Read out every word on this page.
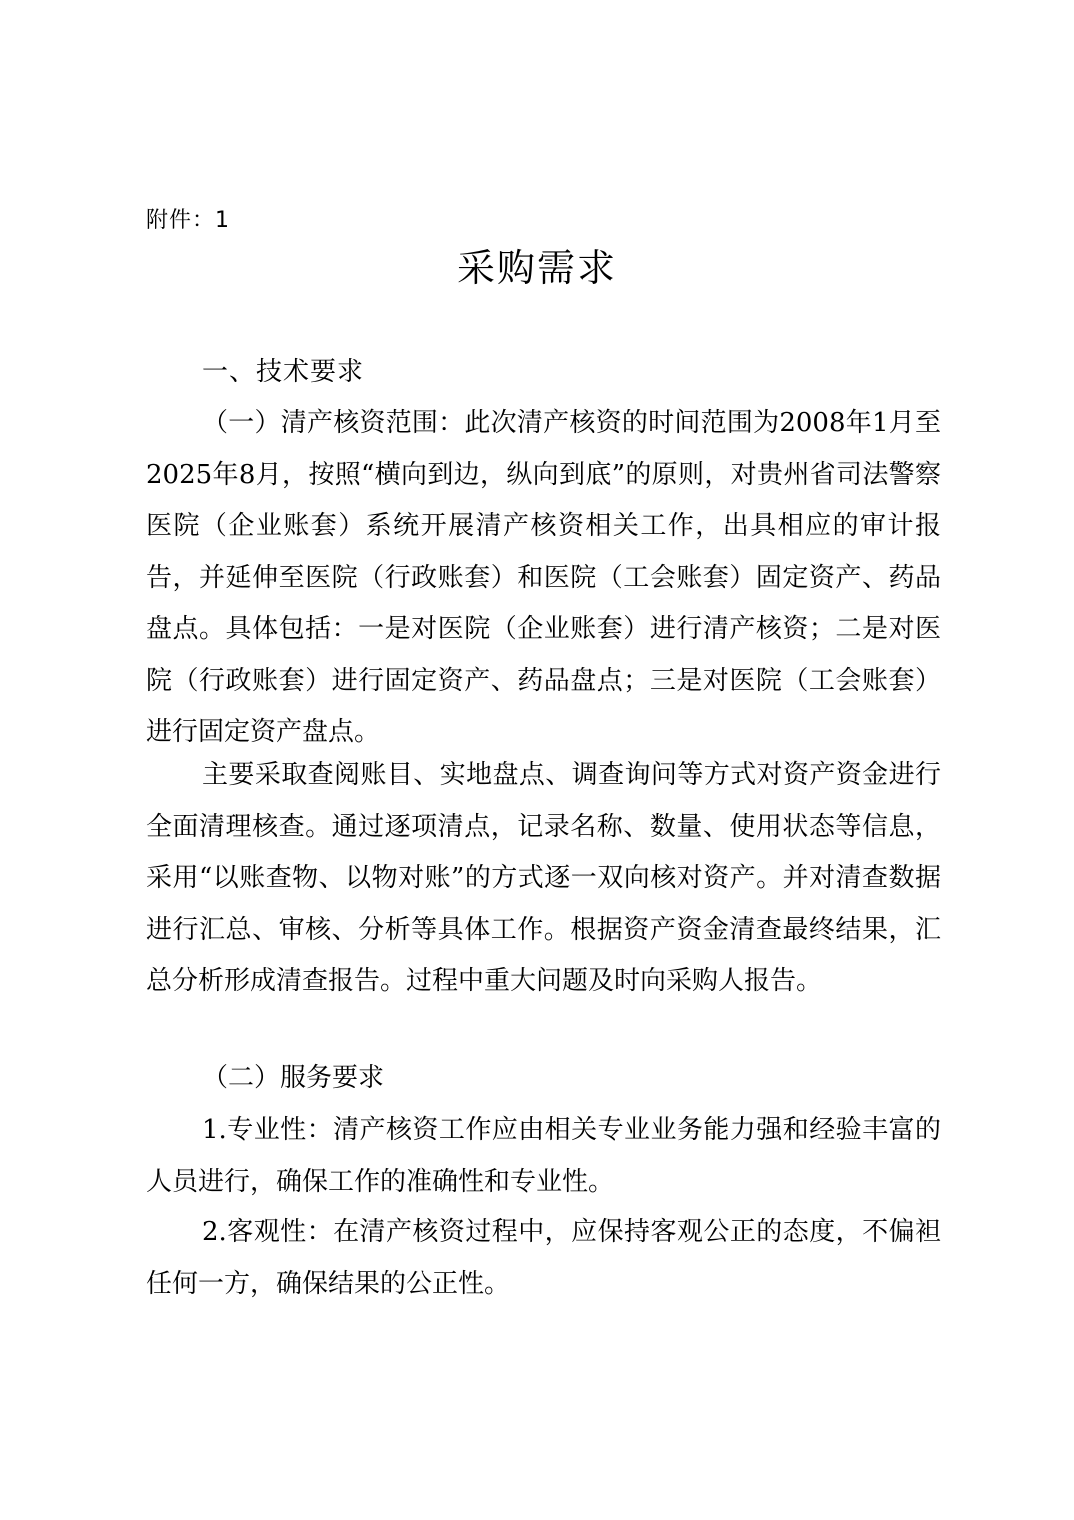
附件：1
采购需求
一、技术要求

（一）清产核资范围：此次清产核资的时间范围为2008年1月至2025年8月，按照“横向到边，纵向到底”的原则，对贵州省司法警察医院（企业账套）系统开展清产核资相关工作，出具相应的审计报告，并延伸至医院（行政账套）和医院（工会账套）固定资产、药品盘点。具体包括：一是对医院（企业账套）进行清产核资；二是对医院（行政账套）进行固定资产、药品盘点；三是对医院（工会账套）进行固定资产盘点。

主要采取查阅账目、实地盘点、调查询问等方式对资产资金进行全面清理核查。通过逐项清点，记录名称、数量、使用状态等信息，采用“以账查物、以物对账”的方式逐一双向核对资产。并对清查数据进行汇总、审核、分析等具体工作。根据资产资金清查最终结果，汇总分析形成清查报告。过程中重大问题及时向采购人报告。

（二）服务要求

1.专业性：清产核资工作应由相关专业业务能力强和经验丰富的人员进行，确保工作的准确性和专业性。

2.客观性：在清产核资过程中，应保持客观公正的态度，不偏袒任何一方，确保结果的公正性。
